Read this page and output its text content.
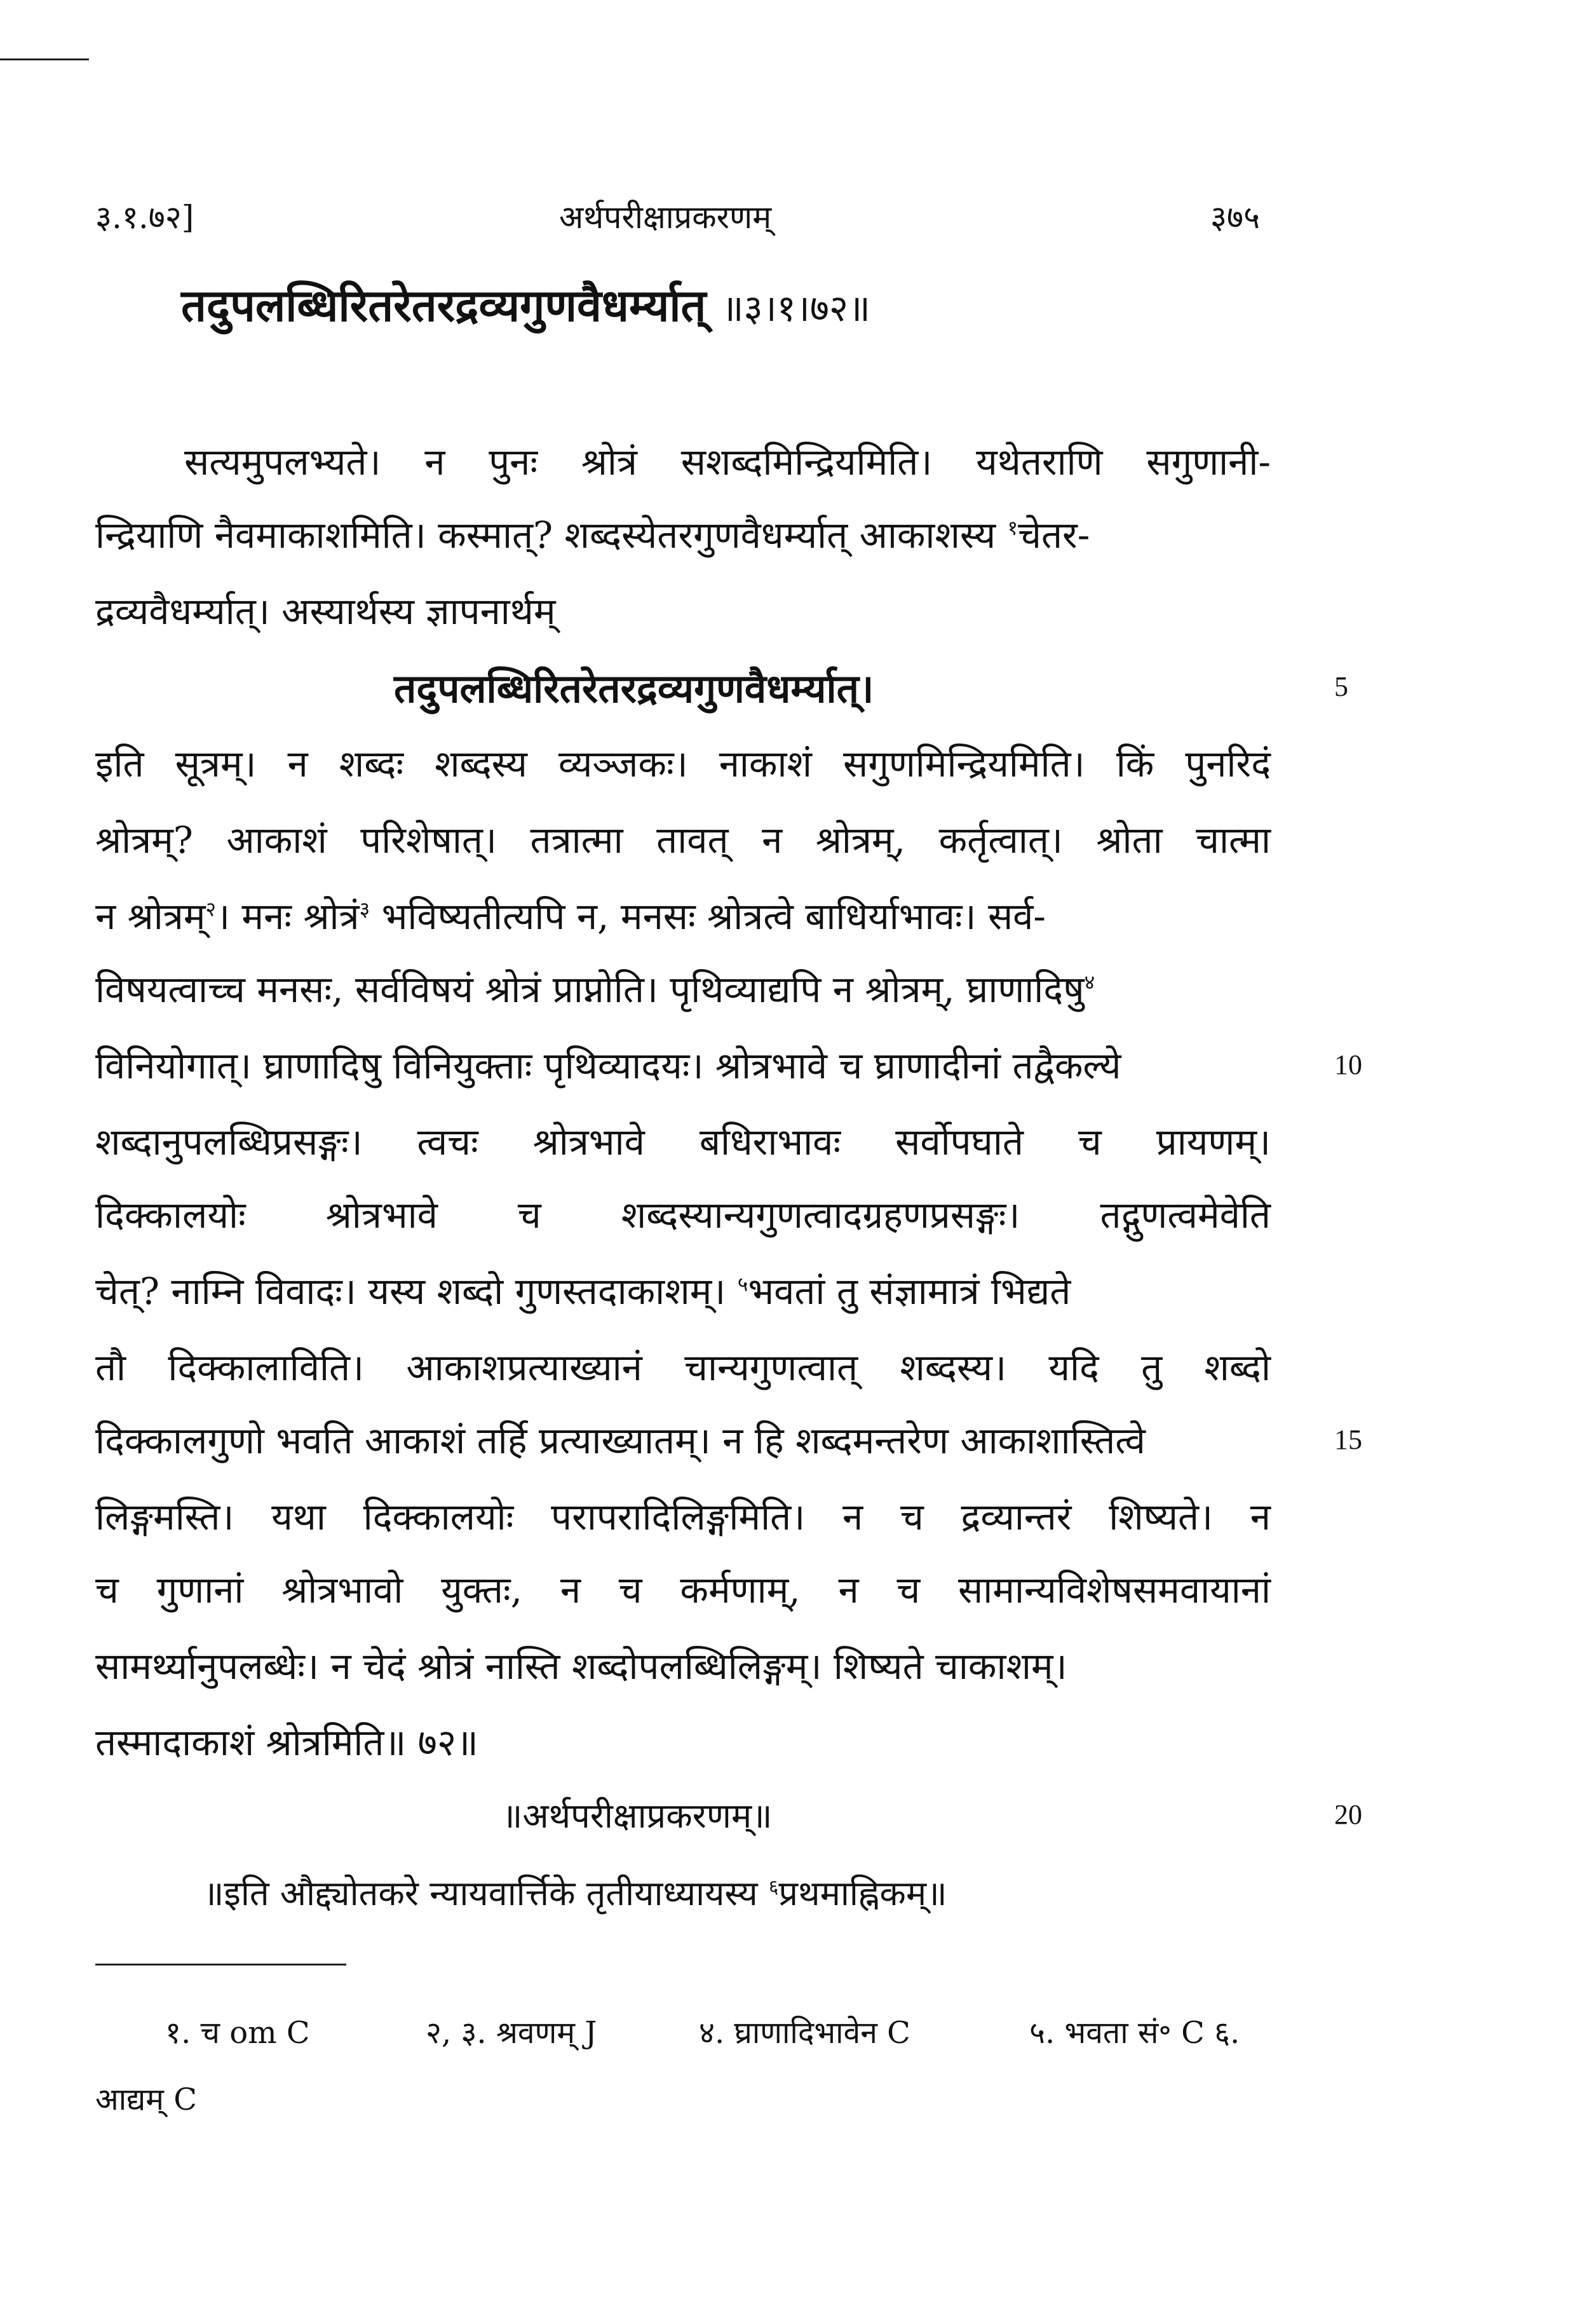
३.१.७२]	अर्थपरीक्षाप्रकरणम्	३७५
तदुपलब्धिरितरेतरद्रव्यगुणवैधर्म्यात् ॥३।१।७२॥
सत्यमुपलभ्यते। न पुनः श्रोत्रं सशब्दमिन्द्रियमिति। यथेतराणि सगुणानी-
न्द्रियाणि नैवमाकाशमिति। कस्मात्? शब्दस्येतरगुणवैधर्म्यात् आकाशस्य $^१$चेतर-
द्रव्यवैधर्म्यात्। अस्यार्थस्य ज्ञापनार्थम्
तदुपलब्धिरितरेतरद्रव्यगुणवैधर्म्यात्।	5
इति सूत्रम्। न शब्दः शब्दस्य व्यञ्जकः। नाकाशं सगुणमिन्द्रियमिति। किं पुनरिदं
श्रोत्रम्? आकाशं परिशेषात्। तत्रात्मा तावत् न श्रोत्रम्, कर्तृत्वात्। श्रोता चात्मा
न श्रोत्रम्$^२$। मनः श्रोत्रं$^३$ भविष्यतीत्यपि न, मनसः श्रोत्रत्वे बाधिर्याभावः। सर्व-
विषयत्वाच्च मनसः, सर्वविषयं श्रोत्रं प्राप्नोति। पृथिव्याद्यपि न श्रोत्रम्, घ्राणादिषु$^४$
विनियोगात्। घ्राणादिषु विनियुक्ताः पृथिव्यादयः। श्रोत्रभावे च घ्राणादीनां तद्वैकल्ये	10
शब्दानुपलब्धिप्रसङ्गः। त्वचः श्रोत्रभावे बधिराभावः सर्वोपघाते च प्रायणम्।
दिक्कालयोः श्रोत्रभावे च शब्दस्यान्यगुणत्वादग्रहणप्रसङ्गः। तद्गुणत्वमेवेति
चेत्? नाम्नि विवादः। यस्य शब्दो गुणस्तदाकाशम्। $^५$भवतां तु संज्ञामात्रं भिद्यते
तौ दिक्कालाविति। आकाशप्रत्याख्यानं चान्यगुणत्वात् शब्दस्य। यदि तु शब्दो
दिक्कालगुणो भवति आकाशं तर्हि प्रत्याख्यातम्। न हि शब्दमन्तरेण आकाशास्तित्वे	15
लिङ्गमस्ति। यथा दिक्कालयोः परापरादिलिङ्गमिति। न च द्रव्यान्तरं शिष्यते। न
च गुणानां श्रोत्रभावो युक्तः, न च कर्मणाम्, न च सामान्यविशेषसमवायानां
सामर्थ्यानुपलब्धेः। न चेदं श्रोत्रं नास्ति शब्दोपलब्धिलिङ्गम्। शिष्यते चाकाशम्।
तस्मादाकाशं श्रोत्रमिति॥ ७२॥
॥अर्थपरीक्षाप्रकरणम्॥	20
॥इति औद्द्योतकरे न्यायवार्त्तिके तृतीयाध्यायस्य $^६$प्रथमाह्निकम्॥
१. च om C	२, ३. श्रवणम् J	४. घ्राणादिभावेन C	५. भवता सं॰ C ६.
आद्यम् C
